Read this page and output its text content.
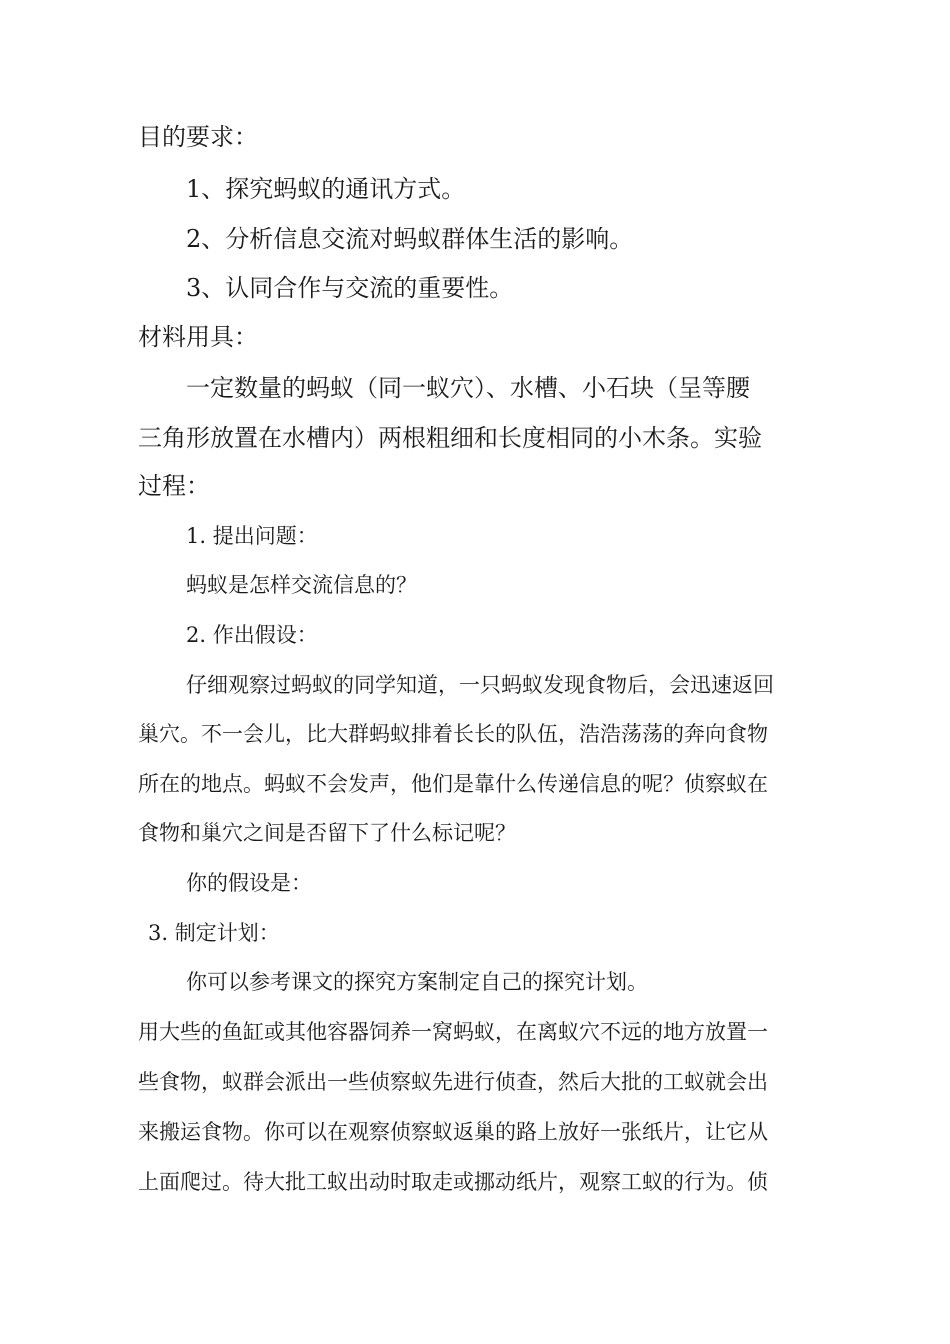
目的要求：
1、探究蚂蚁的通讯方式。
2、分析信息交流对蚂蚁群体生活的影响。
3、认同合作与交流的重要性。
材料用具：
一定数量的蚂蚁（同一蚁穴）、水槽、小石块（呈等腰
三角形放置在水槽内）两根粗细和长度相同的小木条。实验
过程：
1. 提出问题：
蚂蚁是怎样交流信息的？
2. 作出假设：
仔细观察过蚂蚁的同学知道，一只蚂蚁发现食物后，会迅速返回
巢穴。不一会儿，比大群蚂蚁排着长长的队伍，浩浩荡荡的奔向食物
所在的地点。蚂蚁不会发声，他们是靠什么传递信息的呢？侦察蚁在
食物和巢穴之间是否留下了什么标记呢？
你的假设是：
3. 制定计划：
你可以参考课文的探究方案制定自己的探究计划。
用大些的鱼缸或其他容器饲养一窝蚂蚁，在离蚁穴不远的地方放置一
些食物，蚁群会派出一些侦察蚁先进行侦查，然后大批的工蚁就会出
来搬运食物。你可以在观察侦察蚁返巢的路上放好一张纸片，让它从
上面爬过。待大批工蚁出动时取走或挪动纸片，观察工蚁的行为。侦
